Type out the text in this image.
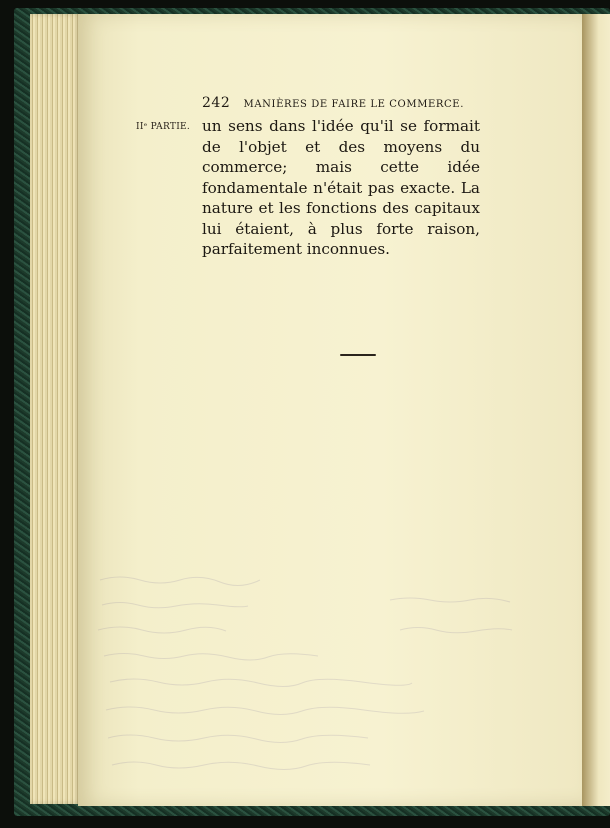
242 MANIÈRES DE FAIRE LE COMMERCE.
IIᵉ PARTIE. un sens dans l'idée qu'il se formait de l'objet et des moyens du commerce; mais cette idée fondamentale n'était pas exacte. La nature et les fonctions des capitaux lui étaient, à plus forte raison, parfaitement inconnues.
